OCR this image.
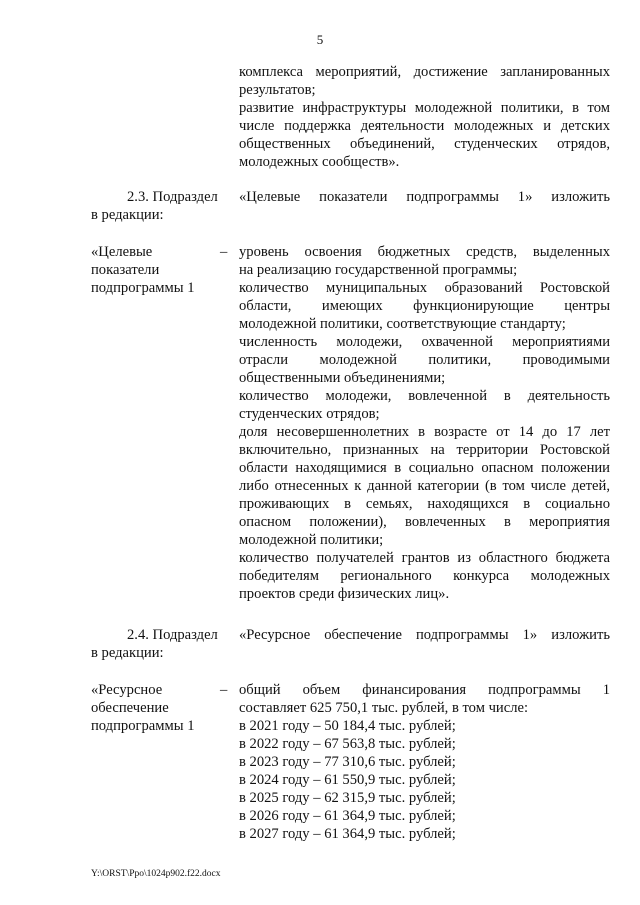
5
комплекса мероприятий, достижение запланированных
результатов;
развитие инфраструктуры молодежной политики, в том
числе поддержка деятельности молодежных и детских
общественных объединений, студенческих отрядов,
молодежных сообществ».
2.3. Подраздел «Целевые показатели подпрограммы 1» изложить
в редакции:
«Целевые
показатели
подпрограммы 1
– уровень освоения бюджетных средств, выделенных
на реализацию государственной программы;
количество муниципальных образований Ростовской
области, имеющих функционирующие центры
молодежной политики, соответствующие стандарту;
численность молодежи, охваченной мероприятиями
отрасли молодежной политики, проводимыми
общественными объединениями;
количество молодежи, вовлеченной в деятельность
студенческих отрядов;
доля несовершеннолетних в возрасте от 14 до 17 лет
включительно, признанных на территории Ростовской
области находящимися в социально опасном положении
либо отнесенных к данной категории (в том числе детей,
проживающих в семьях, находящихся в социально
опасном положении), вовлеченных в мероприятия
молодежной политики;
количество получателей грантов из областного бюджета
победителям регионального конкурса молодежных
проектов среди физических лиц».
2.4. Подраздел «Ресурсное обеспечение подпрограммы 1» изложить
в редакции:
«Ресурсное
обеспечение
подпрограммы 1
– общий объем финансирования подпрограммы 1
составляет 625 750,1 тыс. рублей, в том числе:
в 2021 году – 50 184,4 тыс. рублей;
в 2022 году – 67 563,8 тыс. рублей;
в 2023 году – 77 310,6 тыс. рублей;
в 2024 году – 61 550,9 тыс. рублей;
в 2025 году – 62 315,9 тыс. рублей;
в 2026 году – 61 364,9 тыс. рублей;
в 2027 году – 61 364,9 тыс. рублей;
Y:\ORST\Ppo\1024p902.f22.docx
